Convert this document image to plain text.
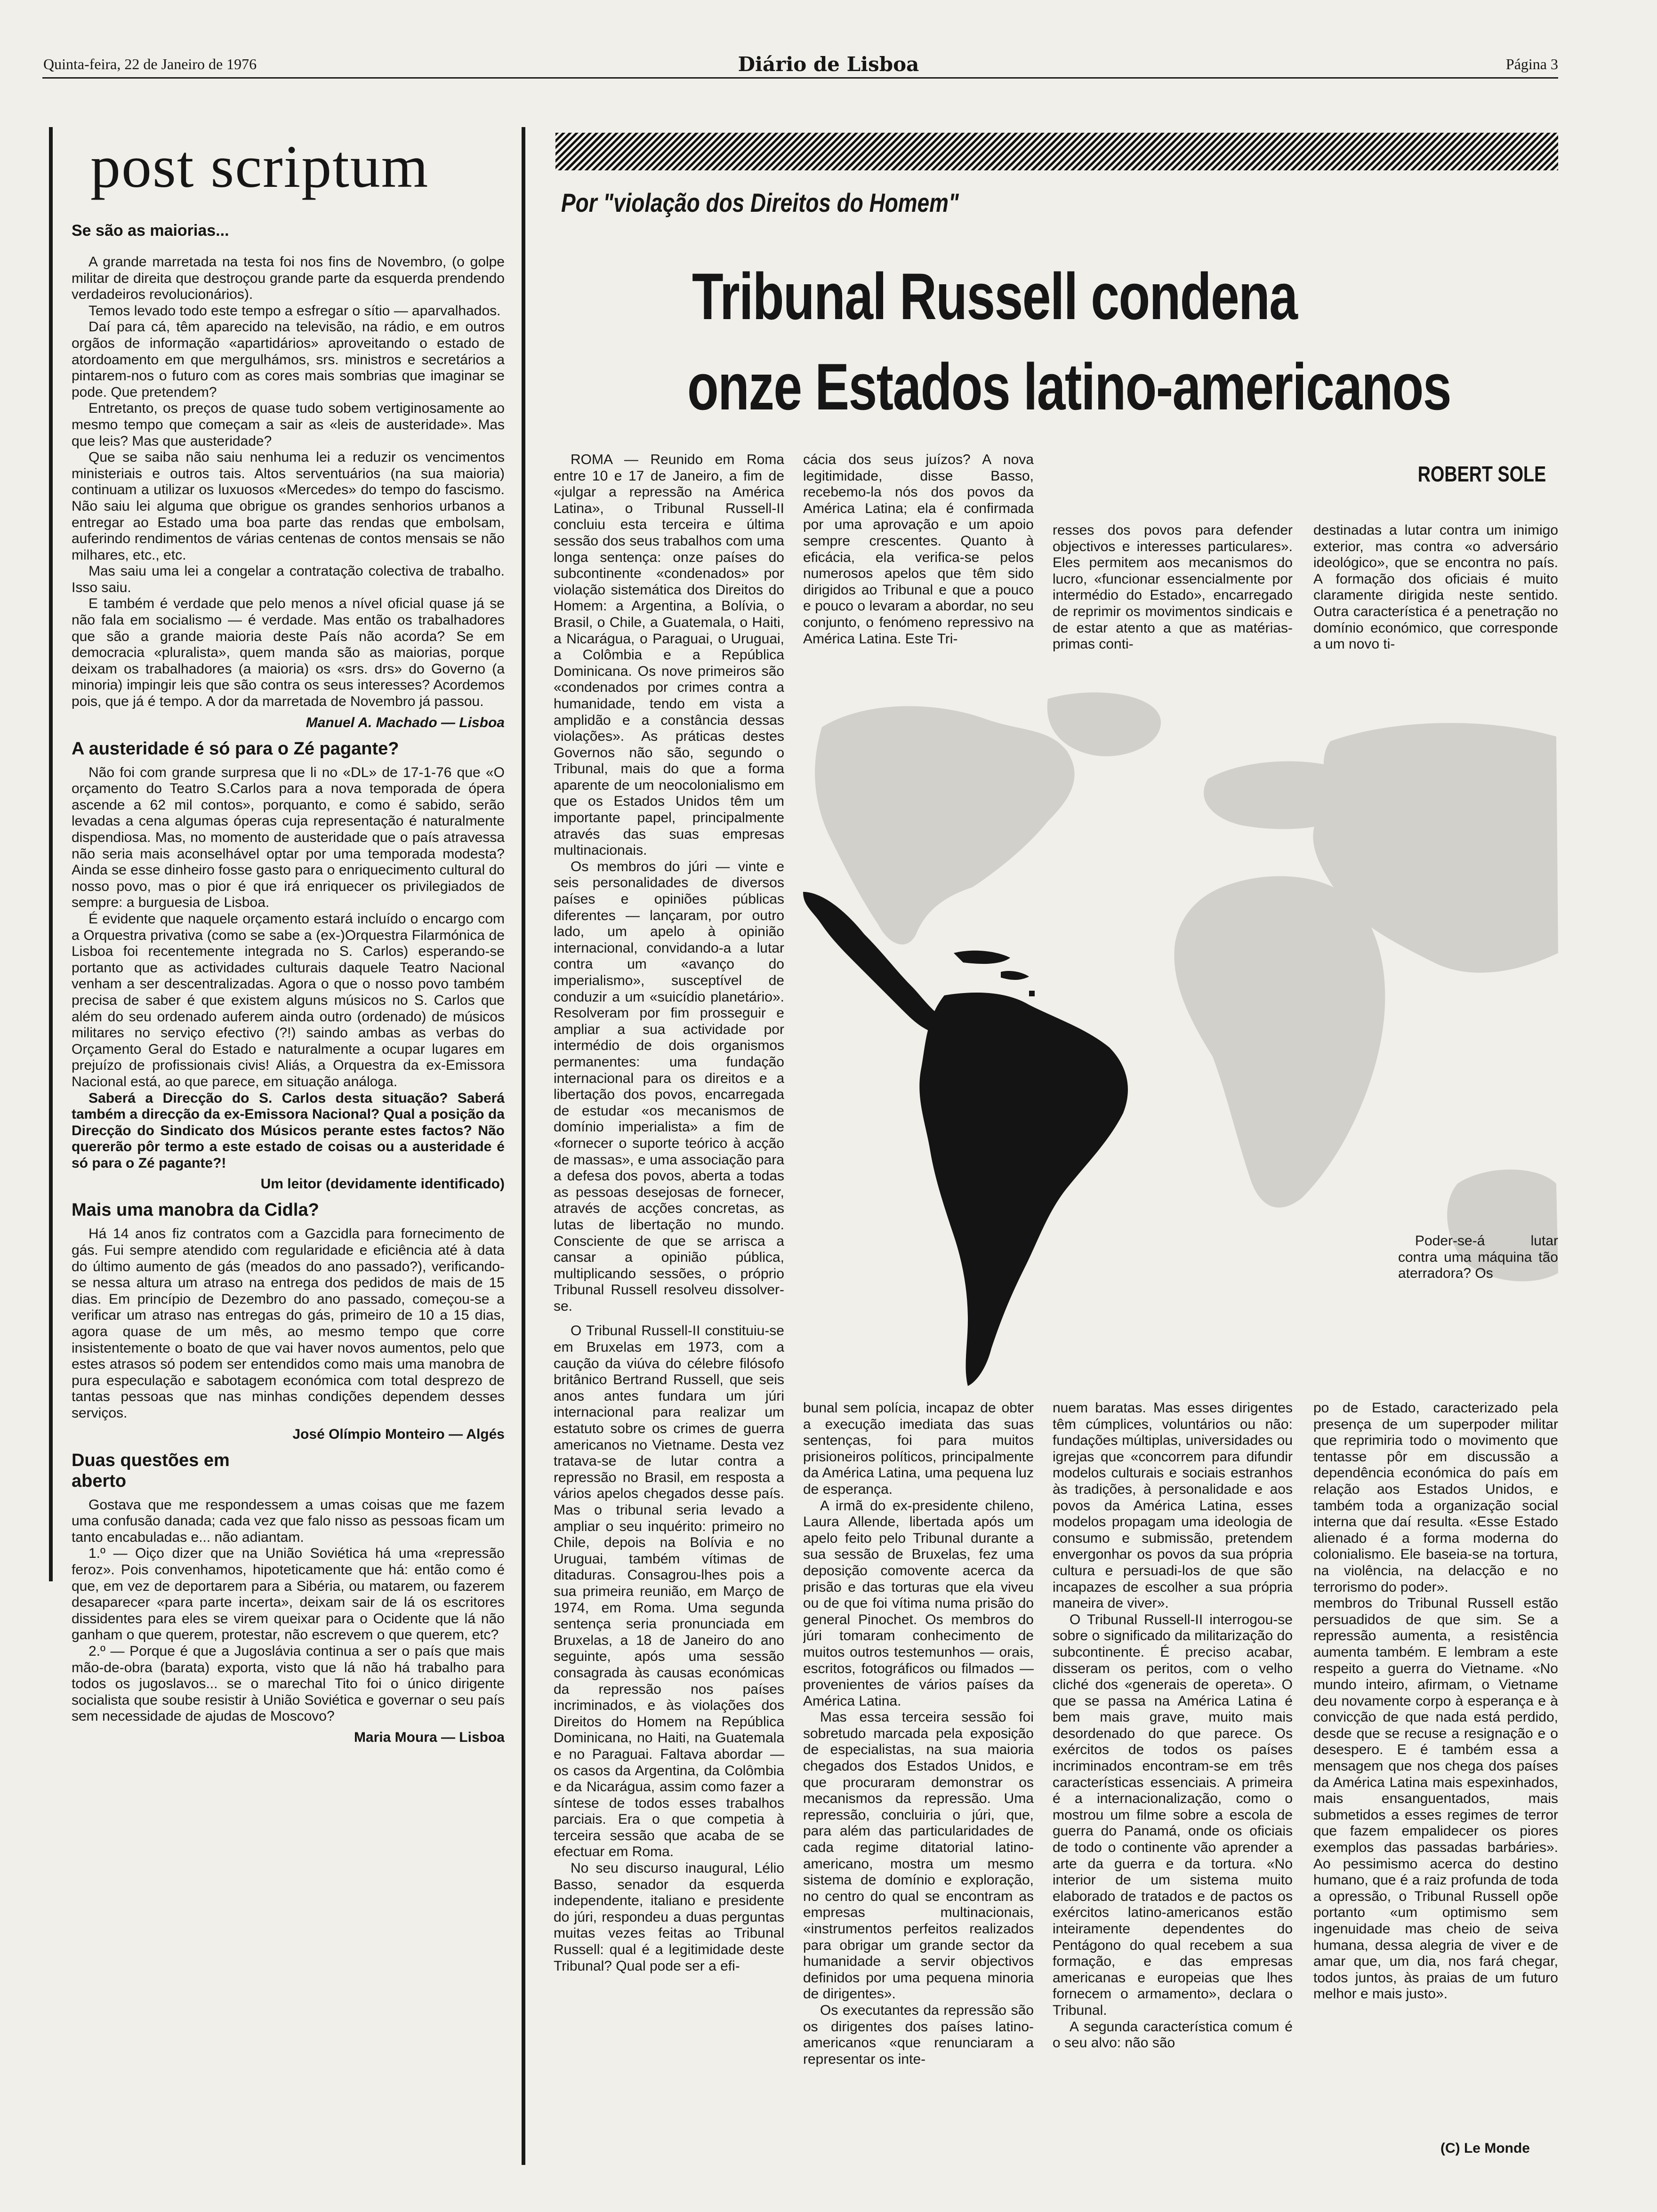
Quinta-feira, 22 de Janeiro de 1976	Diário de Lisboa	Página 3
post scriptum
Se são as maiorias...

A grande marretada na testa foi nos fins de Novembro, (o golpe militar de direita que destroçou grande parte da esquerda prendendo verdadeiros revolucionários).

Temos levado todo este tempo a esfregar o sítio — aparvalhados.

Daí para cá, têm aparecido na televisão, na rádio, e em outros orgãos de informação «apartidários» aproveitando o estado de atordoamento em que mergulhámos, srs. ministros e secretários a pintarem-nos o futuro com as cores mais sombrias que imaginar se pode. Que pretendem?

Entretanto, os preços de quase tudo sobem vertiginosamente ao mesmo tempo que começam a sair as «leis de austeridade». Mas que leis? Mas que austeridade?

Que se saiba não saiu nenhuma lei a reduzir os vencimentos ministeriais e outros tais. Altos serventuários (na sua maioria) continuam a utilizar os luxuosos «Mercedes» do tempo do fascismo. Não saiu lei alguma que obrigue os grandes senhorios urbanos a entregar ao Estado uma boa parte das rendas que embolsam, auferindo rendimentos de várias centenas de contos mensais se não milhares, etc., etc.

Mas saiu uma lei a congelar a contratação colectiva de trabalho. Isso saiu.

E também é verdade que pelo menos a nível oficial quase já se não fala em socialismo — é verdade. Mas então os trabalhadores que são a grande maioria deste País não acorda? Se em democracia «pluralista», quem manda são as maiorias, porque deixam os trabalhadores (a maioria) os «srs. drs» do Governo (a minoria) impingir leis que são contra os seus interesses? Acordemos pois, que já é tempo. A dor da marretada de Novembro já passou.

Manuel A. Machado — Lisboa
A austeridade é só para o Zé pagante?

Não foi com grande surpresa que li no «DL» de 17-1-76 que «O orçamento do Teatro S.Carlos para a nova temporada de ópera ascende a 62 mil contos», porquanto, e como é sabido, serão levadas a cena algumas óperas cuja representação é naturalmente dispendiosa. Mas, no momento de austeridade que o país atravessa não seria mais aconselhável optar por uma temporada modesta? Ainda se esse dinheiro fosse gasto para o enriquecimento cultural do nosso povo, mas o pior é que irá enriquecer os privilegiados de sempre: a burguesia de Lisboa.

É evidente que naquele orçamento estará incluído o encargo com a Orquestra privativa (como se sabe a (ex-)Orquestra Filarmónica de Lisboa foi recentemente integrada no S. Carlos) esperando-se portanto que as actividades culturais daquele Teatro Nacional venham a ser descentralizadas. Agora o que o nosso povo também precisa de saber é que existem alguns músicos no S. Carlos que além do seu ordenado auferem ainda outro (ordenado) de músicos militares no serviço efectivo (?!) saindo ambas as verbas do Orçamento Geral do Estado e naturalmente a ocupar lugares em prejuízo de profissionais civis! Aliás, a Orquestra da ex-Emissora Nacional está, ao que parece, em situação análoga.

Saberá a Direcção do S. Carlos desta situação? Saberá também a direcção da ex-Emissora Nacional? Qual a posição da Direcção do Sindicato dos Músicos perante estes factos? Não quererão pôr termo a este estado de coisas ou a austeridade é só para o Zé pagante?!

Um leitor (devidamente identificado)
Mais uma manobra da Cidla?

Há 14 anos fiz contratos com a Gazcidla para fornecimento de gás. Fui sempre atendido com regularidade e eficiência até à data do último aumento de gás (meados do ano passado?), verificando-se nessa altura um atraso na entrega dos pedidos de mais de 15 dias. Em princípio de Dezembro do ano passado, começou-se a verificar um atraso nas entregas do gás, primeiro de 10 a 15 dias, agora quase de um mês, ao mesmo tempo que corre insistentemente o boato de que vai haver novos aumentos, pelo que estes atrasos só podem ser entendidos como mais uma manobra de pura especulação e sabotagem económica com total desprezo de tantas pessoas que nas minhas condições dependem desses serviços.

José Olímpio Monteiro — Algés
Duas questões em aberto

Gostava que me respondessem a umas coisas que me fazem uma confusão danada; cada vez que falo nisso as pessoas ficam um tanto encabuladas e... não adiantam.

1.º — Oiço dizer que na União Soviética há uma «repressão feroz». Pois convenhamos, hipoteticamente que há: então como é que, em vez de deportarem para a Sibéria, ou matarem, ou fazerem desaparecer «para parte incerta», deixam sair de lá os escritores dissidentes para eles se virem queixar para o Ocidente que lá não ganham o que querem, protestar, não escrevem o que querem, etc?

2.º — Porque é que a Jugoslávia continua a ser o país que mais mão-de-obra (barata) exporta, visto que lá não há trabalho para todos os jugoslavos... se o marechal Tito foi o único dirigente socialista que soube resistir à União Soviética e governar o seu país sem necessidade de ajudas de Moscovo?

Maria Moura — Lisboa
Por "violação dos Direitos do Homem"
Tribunal Russell condena
onze Estados latino-americanos

ROMA — Reunido em Roma entre 10 e 17 de Janeiro, a fim de «julgar a repressão na América Latina», o Tribunal Russell-II concluiu esta terceira e última sessão dos seus trabalhos com uma longa sentença: onze países do subcontinente «condenados» por violação sistemática dos Direitos do Homem: a Argentina, a Bolívia, o Brasil, o Chile, a Guatemala, o Haiti, a Nicarágua, o Paraguai, o Uruguai, a Colômbia e a República Dominicana. Os nove primeiros são «condenados por crimes contra a humanidade, tendo em vista a amplidão e a constância dessas violações». As práticas destes Governos não são, segundo o Tribunal, mais do que a forma aparente de um neocolonialismo em que os Estados Unidos têm um importante papel, principalmente através das suas empresas multinacionais.

Os membros do júri — vinte e seis personalidades de diversos países e opiniões públicas diferentes — lançaram, por outro lado, um apelo à opinião internacional, convidando-a a lutar contra um «avanço do imperialismo», susceptível de conduzir a um «suicídio planetário». Resolveram por fim prosseguir e ampliar a sua actividade por intermédio de dois organismos permanentes: uma fundação internacional para os direitos e a libertação dos povos, encarregada de estudar «os mecanismos de domínio imperialista» a fim de «fornecer o suporte teórico à acção de massas», e uma associação para a defesa dos povos, aberta a todas as pessoas desejosas de fornecer, através de acções concretas, as lutas de libertação no mundo. Consciente de que se arrisca a cansar a opinião pública, multiplicando sessões, o próprio Tribunal Russell resolveu dissolver-se.

O Tribunal Russell-II constituiu-se em Bruxelas em 1973, com a caução da viúva do célebre filósofo britânico Bertrand Russell, que seis anos antes fundara um júri internacional para realizar um estatuto sobre os crimes de guerra americanos no Vietname. Desta vez tratava-se de lutar contra a repressão no Brasil, em resposta a vários apelos chegados desse país. Mas o tribunal seria levado a ampliar o seu inquérito: primeiro no Chile, depois na Bolívia e no Uruguai, também vítimas de ditaduras. Consagrou-lhes pois a sua primeira reunião, em Março de 1974, em Roma. Uma segunda sentença seria pronunciada em Bruxelas, a 18 de Janeiro do ano seguinte, após uma sessão consagrada às causas económicas da repressão nos países incriminados, e às violações dos Direitos do Homem na República Dominicana, no Haiti, na Guatemala e no Paraguai. Faltava abordar — os casos da Argentina, da Colômbia e da Nicarágua, assim como fazer a síntese de todos esses trabalhos parciais. Era o que competia à terceira sessão que acaba de se efectuar em Roma.

No seu discurso inaugural, Lélio Basso, senador da esquerda independente, italiano e presidente do júri, respondeu a duas perguntas muitas vezes feitas ao Tribunal Russell: qual é a legitimidade deste Tribunal? Qual pode ser a efi-

cácia dos seus juízos? A nova legitimidade, disse Basso, recebemo-la nós dos povos da América Latina; ela é confirmada por uma aprovação e um apoio sempre crescentes. Quanto à eficácia, ela verifica-se pelos numerosos apelos que têm sido dirigidos ao Tribunal e que a pouco e pouco o levaram a abordar, no seu conjunto, o fenómeno repressivo na América Latina. Este Tri-

ROBERT SOLE

resses dos povos para defender objectivos e interesses particulares». Eles permitem aos mecanismos do lucro, «funcionar essencialmente por intermédio do Estado», encarregado de reprimir os movimentos sindicais e de estar atento a que as matérias-primas conti-

destinadas a lutar contra um inimigo exterior, mas contra «o adversário ideológico», que se encontra no país. A formação dos oficiais é muito claramente dirigida neste sentido. Outra característica é a penetração no domínio económico, que corresponde a um novo ti-

bunal sem polícia, incapaz de obter a execução imediata das suas sentenças, foi para muitos prisioneiros políticos, principalmente da América Latina, uma pequena luz de esperança.

A irmã do ex-presidente chileno, Laura Allende, libertada após um apelo feito pelo Tribunal durante a sua sessão de Bruxelas, fez uma deposição comovente acerca da prisão e das torturas que ela viveu ou de que foi vítima numa prisão do general Pinochet. Os membros do júri tomaram conhecimento de muitos outros testemunhos — orais, escritos, fotográficos ou filmados — provenientes de vários países da América Latina.

Mas essa terceira sessão foi sobretudo marcada pela exposição de especialistas, na sua maioria chegados dos Estados Unidos, e que procuraram demonstrar os mecanismos da repressão. Uma repressão, concluiria o júri, que, para além das particularidades de cada regime ditatorial latino-americano, mostra um mesmo sistema de domínio e exploração, no centro do qual se encontram as empresas multinacionais, «instrumentos perfeitos realizados para obrigar um grande sector da humanidade a servir objectivos definidos por uma pequena minoria de dirigentes».

Os executantes da repressão são os dirigentes dos países latino-americanos «que renunciaram a representar os inte-

nuem baratas. Mas esses dirigentes têm cúmplices, voluntários ou não: fundações múltiplas, universidades ou igrejas que «concorrem para difundir modelos culturais e sociais estranhos às tradições, à personalidade e aos povos da América Latina, esses modelos propagam uma ideologia de consumo e submissão, pretendem envergonhar os povos da sua própria cultura e persuadi-los de que são incapazes de escolher a sua própria maneira de viver».

O Tribunal Russell-II interrogou-se sobre o significado da militarização do subcontinente. É preciso acabar, disseram os peritos, com o velho cliché dos «generais de opereta». O que se passa na América Latina é bem mais grave, muito mais desordenado do que parece. Os exércitos de todos os países incriminados encontram-se em três características essenciais. A primeira é a internacionalização, como o mostrou um filme sobre a escola de guerra do Panamá, onde os oficiais de todo o continente vão aprender a arte da guerra e da tortura. «No interior de um sistema muito elaborado de tratados e de pactos os exércitos latino-americanos estão inteiramente dependentes do Pentágono do qual recebem a sua formação, e das empresas americanas e europeias que lhes fornecem o armamento», declara o Tribunal.

A segunda característica comum é o seu alvo: não são

Poder-se-á lutar contra uma máquina tão aterradora? Os

po de Estado, caracterizado pela presença de um superpoder militar que reprimiria todo o movimento que tentasse pôr em discussão a dependência económica do país em relação aos Estados Unidos, e também toda a organização social interna que daí resulta. «Esse Estado alienado é a forma moderna do colonialismo. Ele baseia-se na tortura, na violência, na delacção e no terrorismo do poder».

membros do Tribunal Russell estão persuadidos de que sim. Se a repressão aumenta, a resistência aumenta também. E lembram a este respeito a guerra do Vietname. «No mundo inteiro, afirmam, o Vietname deu novamente corpo à esperança e à convicção de que nada está perdido, desde que se recuse a resignação e o desespero. E é também essa a mensagem que nos chega dos países da América Latina mais espexinhados, mais ensanguentados, mais submetidos a esses regimes de terror que fazem empalidecer os piores exemplos das passadas barbáries». Ao pessimismo acerca do destino humano, que é a raiz profunda de toda a opressão, o Tribunal Russell opõe portanto «um optimismo sem ingenuidade mas cheio de seiva humana, dessa alegria de viver e de amar que, um dia, nos fará chegar, todos juntos, às praias de um futuro melhor e mais justo».

(C) Le Monde
